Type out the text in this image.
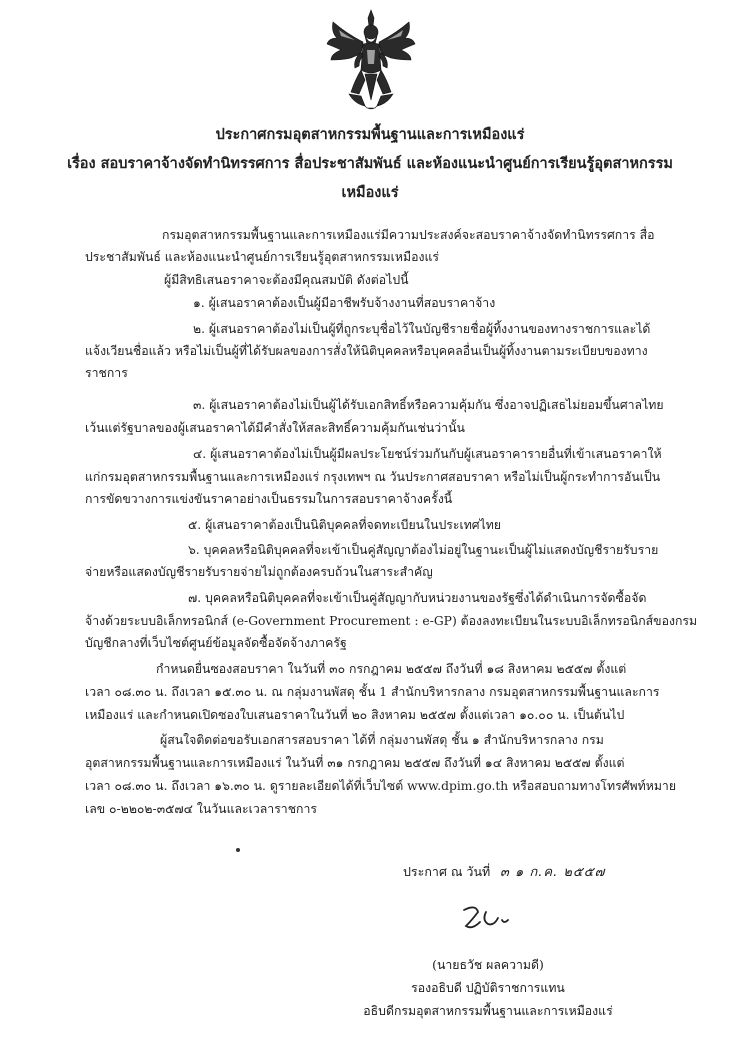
ประกาศกรมอุตสาหกรรมพื้นฐานและการเหมืองแร่
เรื่อง สอบราคาจ้างจัดทำนิทรรศการ สื่อประชาสัมพันธ์ และห้องแนะนำศูนย์การเรียนรู้อุตสาหกรรม
เหมืองแร่
กรมอุตสาหกรรมพื้นฐานและการเหมืองแร่มีความประสงค์จะสอบราคาจ้างจัดทำนิทรรศการ สื่อ
ประชาสัมพันธ์ และห้องแนะนำศูนย์การเรียนรู้อุตสาหกรรมเหมืองแร่
ผู้มีสิทธิเสนอราคาจะต้องมีคุณสมบัติ ดังต่อไปนี้
๑. ผู้เสนอราคาต้องเป็นผู้มีอาชีพรับจ้างงานที่สอบราคาจ้าง
๒. ผู้เสนอราคาต้องไม่เป็นผู้ที่ถูกระบุชื่อไว้ในบัญชีรายชื่อผู้ทิ้งงานของทางราชการและได้
แจ้งเวียนชื่อแล้ว หรือไม่เป็นผู้ที่ได้รับผลของการสั่งให้นิติบุคคลหรือบุคคลอื่นเป็นผู้ทิ้งงานตามระเบียบของทาง
ราชการ
๓. ผู้เสนอราคาต้องไม่เป็นผู้ได้รับเอกสิทธิ์หรือความคุ้มกัน ซึ่งอาจปฏิเสธไม่ยอมขึ้นศาลไทย
เว้นแต่รัฐบาลของผู้เสนอราคาได้มีคำสั่งให้สละสิทธิ์ความคุ้มกันเช่นว่านั้น
๔. ผู้เสนอราคาต้องไม่เป็นผู้มีผลประโยชน์ร่วมกันกับผู้เสนอราคารายอื่นที่เข้าเสนอราคาให้
แก่กรมอุตสาหกรรมพื้นฐานและการเหมืองแร่ กรุงเทพฯ ณ วันประกาศสอบราคา หรือไม่เป็นผู้กระทำการอันเป็น
การขัดขวางการแข่งขันราคาอย่างเป็นธรรมในการสอบราคาจ้างครั้งนี้
๕. ผู้เสนอราคาต้องเป็นนิติบุคคลที่จดทะเบียนในประเทศไทย
๖. บุคคลหรือนิติบุคคลที่จะเข้าเป็นคู่สัญญาต้องไม่อยู่ในฐานะเป็นผู้ไม่แสดงบัญชีรายรับราย
จ่ายหรือแสดงบัญชีรายรับรายจ่ายไม่ถูกต้องครบถ้วนในสาระสำคัญ
๗. บุคคลหรือนิติบุคคลที่จะเข้าเป็นคู่สัญญากับหน่วยงานของรัฐซึ่งได้ดำเนินการจัดซื้อจัด
จ้างด้วยระบบอิเล็กทรอนิกส์ (e-Government Procurement : e-GP) ต้องลงทะเบียนในระบบอิเล็กทรอนิกส์ของกรม
บัญชีกลางที่เว็บไซต์ศูนย์ข้อมูลจัดซื้อจัดจ้างภาครัฐ
กำหนดยื่นซองสอบราคา ในวันที่ ๓๐ กรกฎาคม ๒๕๕๗ ถึงวันที่ ๑๘ สิงหาคม ๒๕๕๗ ตั้งแต่
เวลา ๐๘.๓๐ น. ถึงเวลา ๑๕.๓๐ น. ณ กลุ่มงานพัสดุ ชั้น 1 สำนักบริหารกลาง กรมอุตสาหกรรมพื้นฐานและการ
เหมืองแร่ และกำหนดเปิดซองใบเสนอราคาในวันที่ ๒๐ สิงหาคม ๒๕๕๗ ตั้งแต่เวลา ๑๐.๐๐ น. เป็นต้นไป
ผู้สนใจติดต่อขอรับเอกสารสอบราคา ได้ที่ กลุ่มงานพัสดุ ชั้น ๑ สำนักบริหารกลาง กรม
อุตสาหกรรมพื้นฐานและการเหมืองแร่ ในวันที่ ๓๑ กรกฎาคม ๒๕๕๗ ถึงวันที่ ๑๔ สิงหาคม ๒๕๕๗ ตั้งแต่
เวลา ๐๘.๓๐ น. ถึงเวลา ๑๖.๓๐ น. ดูรายละเอียดได้ที่เว็บไซต์ www.dpim.go.th หรือสอบถามทางโทรศัพท์หมาย
เลข ๐-๒๒๐๒-๓๕๗๔ ในวันและเวลาราชการ
ประกาศ ณ วันที่ ๓ ๑ ก.ค. ๒๕๕๗
(นายธวัช ผลความดี)
รองอธิบดี ปฏิบัติราชการแทน
อธิบดีกรมอุตสาหกรรมพื้นฐานและการเหมืองแร่
